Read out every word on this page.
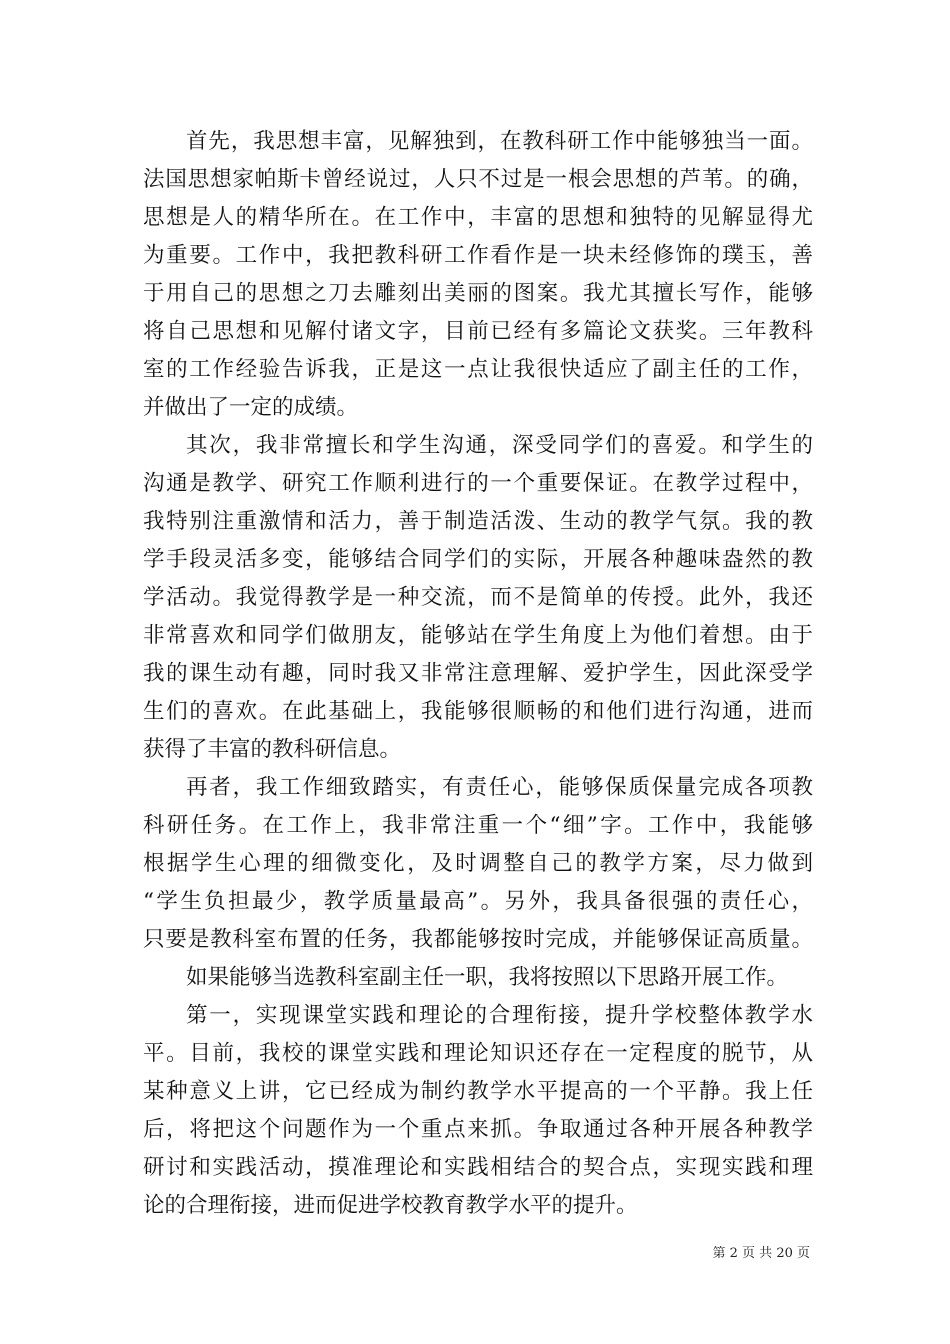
首先，我思想丰富，见解独到，在教科研工作中能够独当一面。
法国思想家帕斯卡曾经说过，人只不过是一根会思想的芦苇。的确，
思想是人的精华所在。在工作中，丰富的思想和独特的见解显得尤
为重要。工作中，我把教科研工作看作是一块未经修饰的璞玉，善
于用自己的思想之刀去雕刻出美丽的图案。我尤其擅长写作，能够
将自己思想和见解付诸文字，目前已经有多篇论文获奖。三年教科
室的工作经验告诉我，正是这一点让我很快适应了副主任的工作，
并做出了一定的成绩。
其次，我非常擅长和学生沟通，深受同学们的喜爱。和学生的
沟通是教学、研究工作顺利进行的一个重要保证。在教学过程中，
我特别注重激情和活力，善于制造活泼、生动的教学气氛。我的教
学手段灵活多变，能够结合同学们的实际，开展各种趣味盎然的教
学活动。我觉得教学是一种交流，而不是简单的传授。此外，我还
非常喜欢和同学们做朋友，能够站在学生角度上为他们着想。由于
我的课生动有趣，同时我又非常注意理解、爱护学生，因此深受学
生们的喜欢。在此基础上，我能够很顺畅的和他们进行沟通，进而
获得了丰富的教科研信息。
再者，我工作细致踏实，有责任心，能够保质保量完成各项教
科研任务。在工作上，我非常注重一个“细”字。工作中，我能够
根据学生心理的细微变化，及时调整自己的教学方案，尽力做到
“学生负担最少，教学质量最高”。另外，我具备很强的责任心，
只要是教科室布置的任务，我都能够按时完成，并能够保证高质量。
如果能够当选教科室副主任一职，我将按照以下思路开展工作。
第一，实现课堂实践和理论的合理衔接，提升学校整体教学水
平。目前，我校的课堂实践和理论知识还存在一定程度的脱节，从
某种意义上讲，它已经成为制约教学水平提高的一个平静。我上任
后，将把这个问题作为一个重点来抓。争取通过各种开展各种教学
研讨和实践活动，摸准理论和实践相结合的契合点，实现实践和理
论的合理衔接，进而促进学校教育教学水平的提升。
第 2 页 共 20 页
